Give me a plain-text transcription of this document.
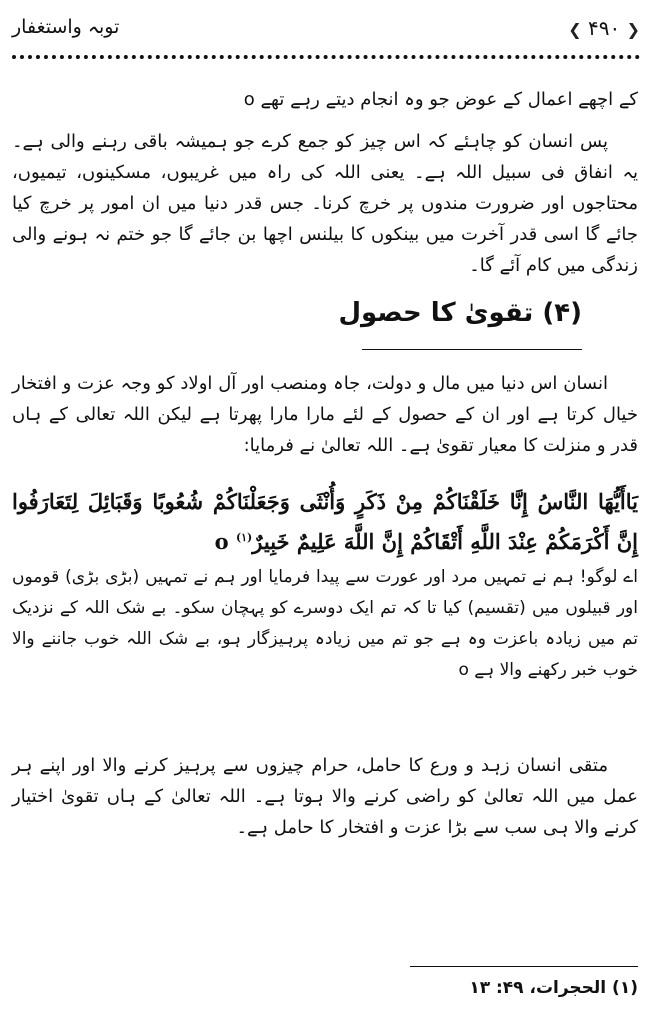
توبہ واستغفار	❮ ۴۹۰ ❯

کے اچھے اعمال کے عوض جو وہ انجام دیتے رہے تھے o

پس انسان کو چاہئے کہ اس چیز کو جمع کرے جو ہمیشہ باقی رہنے والی ہے۔ یہ انفاق فی سبیل اللہ ہے۔ یعنی اللہ کی راہ میں غریبوں، مسکینوں، تیمیوں، محتاجوں اور ضرورت مندوں پر خرچ کرنا۔ جس قدر دنیا میں ان امور پر خرچ کیا جائے گا اسی قدر آخرت میں بینکوں کا بیلنس اچھا بن جائے گا جو ختم نہ ہونے والی زندگی میں کام آئے گا۔

(۴) تقویٰ کا حصول

انسان اس دنیا میں مال و دولت، جاہ ومنصب اور آل اولاد کو وجہ عزت و افتخار خیال کرتا ہے اور ان کے حصول کے لئے مارا مارا پھرتا ہے لیکن اللہ تعالی کے ہاں قدر و منزلت کا معیار تقویٰ ہے۔ اللہ تعالیٰ نے فرمایا:

يَاأَيُّهَا النَّاسُ إِنَّا خَلَقْنَاكُمْ مِنْ ذَكَرٍ وَأُنْثَى وَجَعَلْنَاكُمْ شُعُوبًا وَقَبَائِلَ لِتَعَارَفُوا إِنَّ أَكْرَمَكُمْ عِنْدَ اللَّهِ أَتْقَاكُمْ إِنَّ اللَّهَ عَلِيمٌ خَبِيرٌo $^{(۱)}$
اے لوگو! ہم نے تمہیں مرد اور عورت سے پیدا فرمایا اور ہم نے تمہیں (بڑی بڑی) قوموں اور قبیلوں میں (تقسیم) کیا تا کہ تم ایک دوسرے کو پہچان سکو۔ بے شک اللہ کے نزدیک تم میں زیادہ باعزت وہ ہے جو تم میں زیادہ پرہیزگار ہو، بے شک اللہ خوب جاننے والا خوب خبر رکھنے والا ہے o

متقی انسان زہد و ورع کا حامل، حرام چیزوں سے پرہیز کرنے والا اور اپنے ہر عمل میں اللہ تعالیٰ کو راضی کرنے والا ہوتا ہے۔ اللہ تعالیٰ کے ہاں تقویٰ اختیار کرنے والا ہی سب سے بڑا عزت و افتخار کا حامل ہے۔

(۱) الحجرات، ۴۹: ۱۳
